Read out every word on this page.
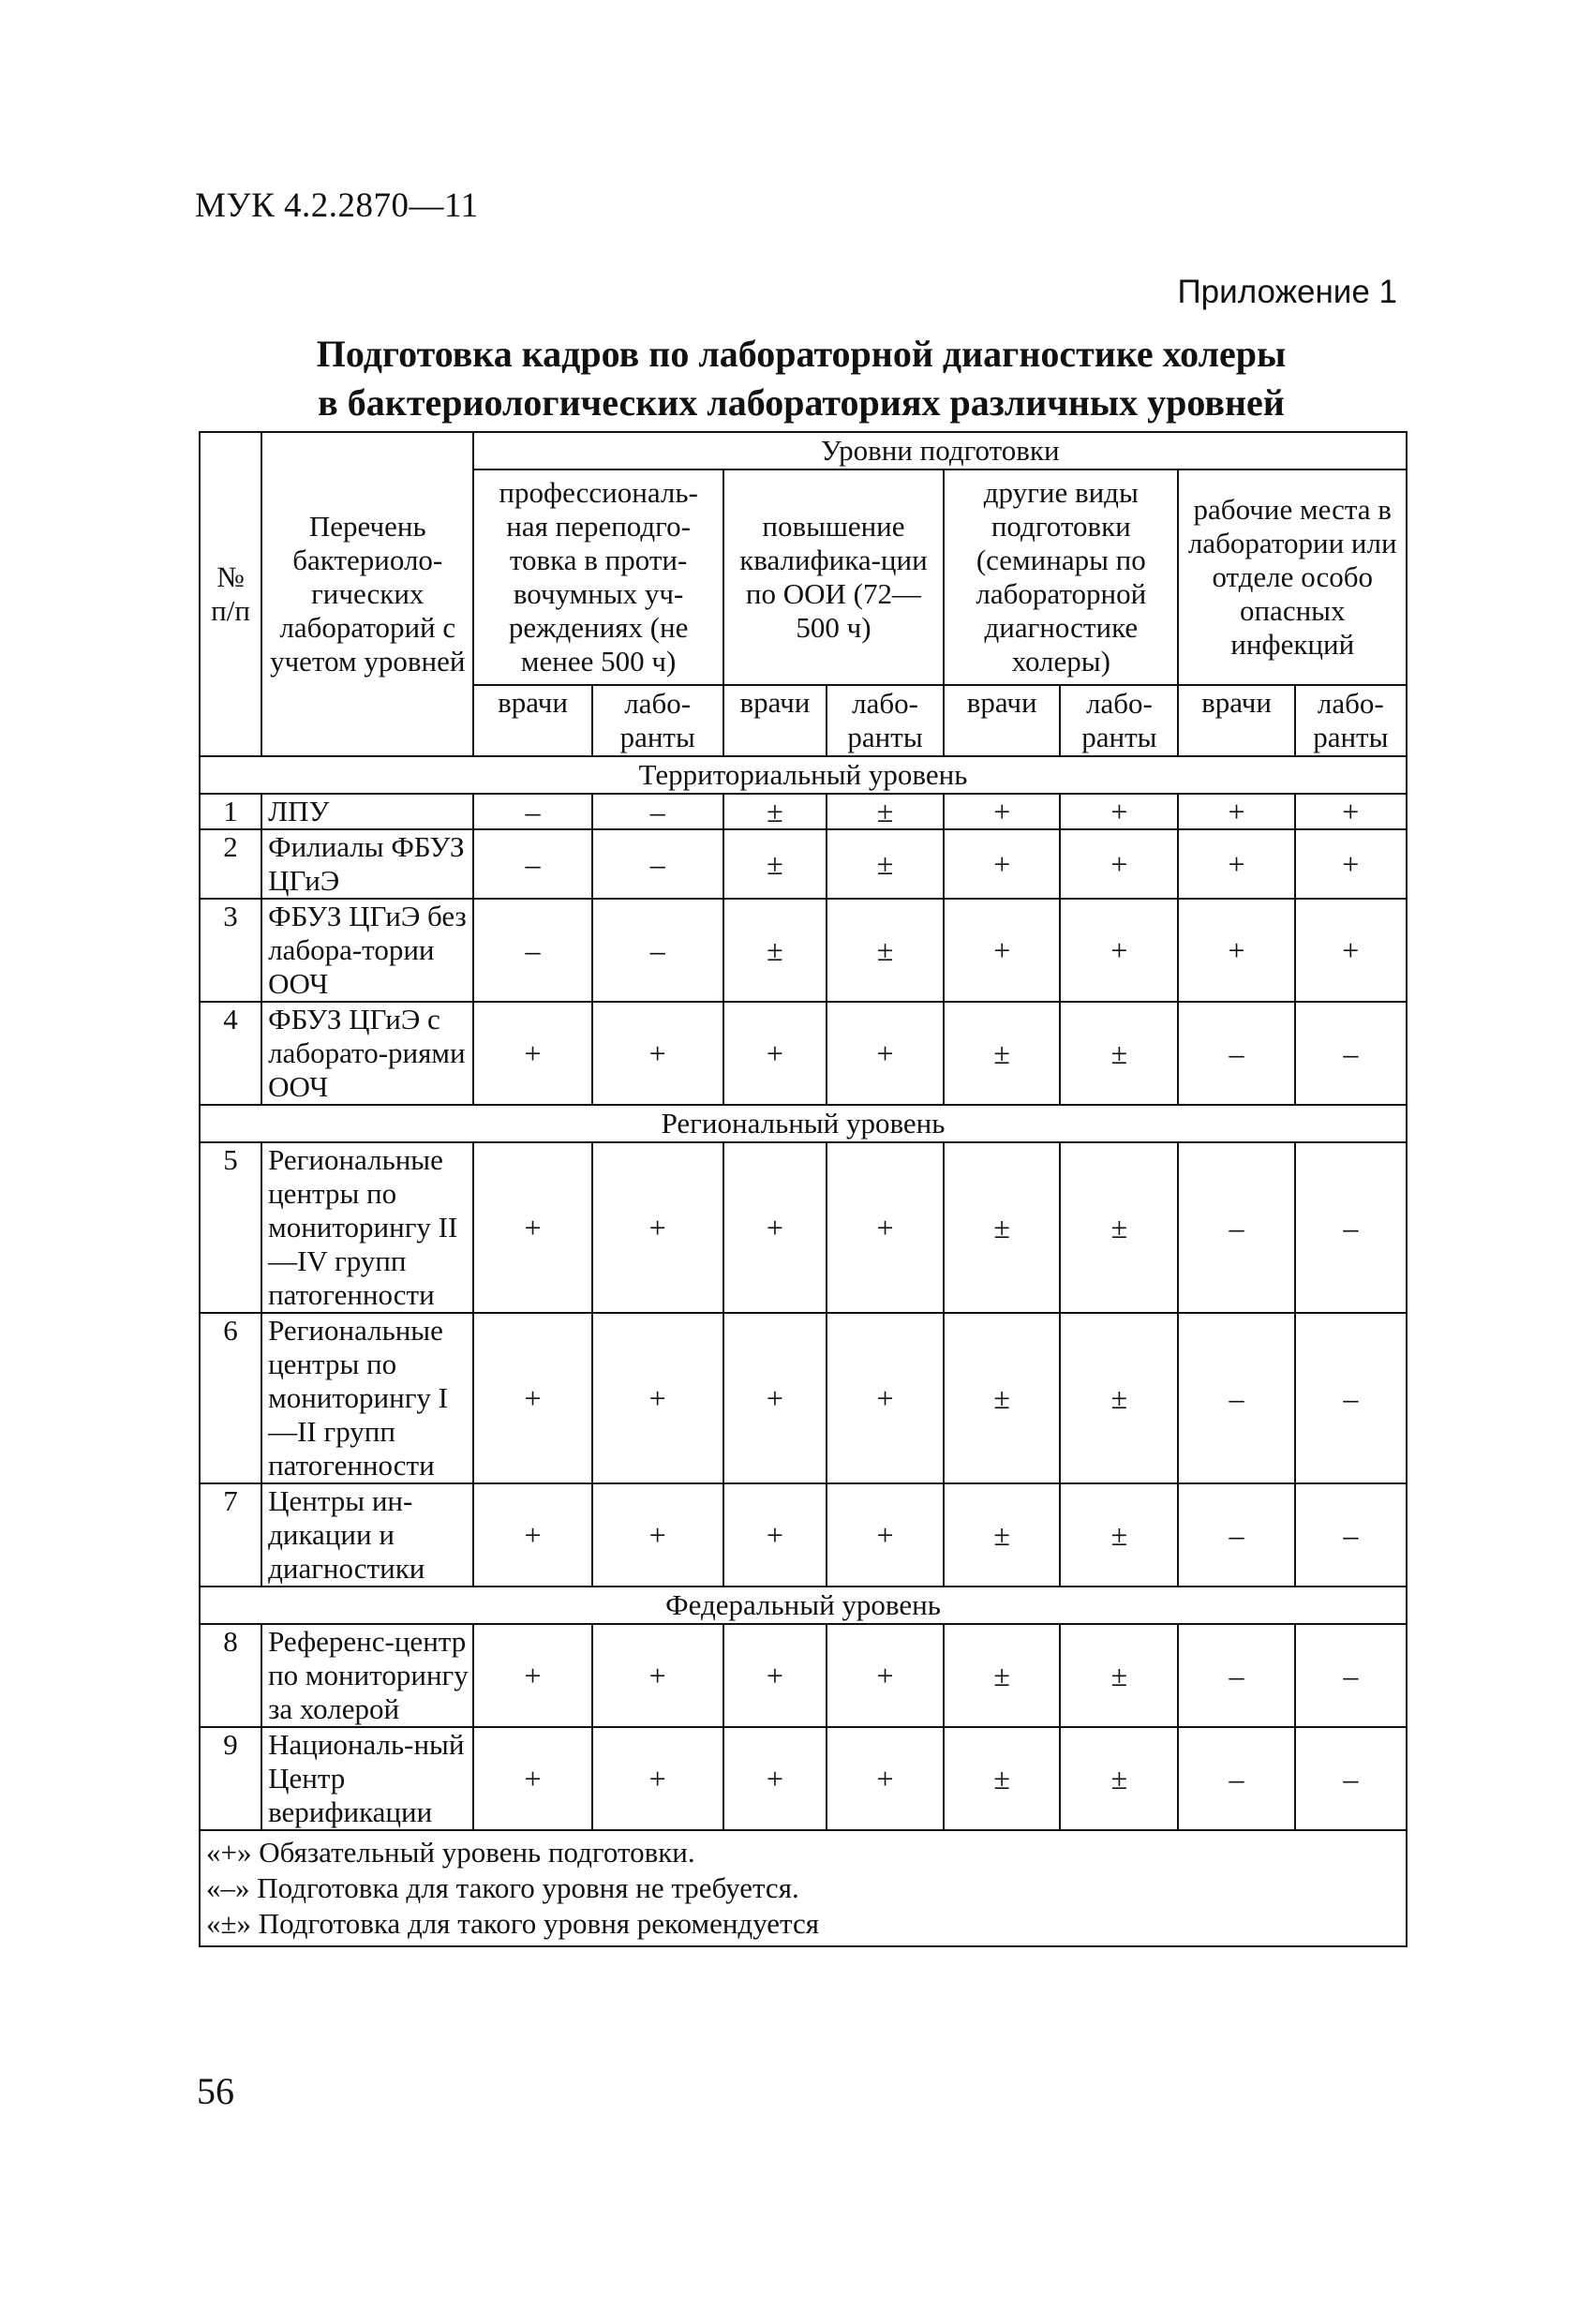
МУК 4.2.2870—11
Приложение 1
Подготовка кадров по лабораторной диагностике холеры
в бактериологических лабораториях различных уровней
№ п/п	Перечень бактериоло-гических лабораторий с учетом уровней	Уровни подготовки							
		профессиональ-ная переподго-товка в проти-вочумных уч-реждениях (не менее 500 ч)		повышение квалифика-ции по ООИ (72—500 ч)		другие виды подготовки (семинары по лабораторной диагностике холеры)		рабочие места в лаборатории или отделе особо опасных инфекций	
		врачи	лабо-ранты	врачи	лабо-ранты	врачи	лабо-ранты	врачи	лабо-ранты
Территориальный уровень									
1	ЛПУ	–	–	±	±	+	+	+	+
2	Филиалы ФБУЗ ЦГиЭ	–	–	±	±	+	+	+	+
3	ФБУЗ ЦГиЭ без лабора-тории ООЧ	–	–	±	±	+	+	+	+
4	ФБУЗ ЦГиЭ с лаборато-риями ООЧ	+	+	+	+	±	±	–	–
Региональный уровень									
5	Региональные центры по мониторингу II—IV групп патогенности	+	+	+	+	±	±	–	–
6	Региональные центры по мониторингу I—II групп патогенности	+	+	+	+	±	±	–	–
7	Центры ин-дикации и диагностики	+	+	+	+	±	±	–	–
Федеральный уровень									
8	Референс-центр по мониторингу за холерой	+	+	+	+	±	±	–	–
9	Националь-ный Центр верификации	+	+	+	+	±	±	–	–

«+» Обязательный уровень подготовки.
«–» Подготовка для такого уровня не требуется.
«±» Подготовка для такого уровня рекомендуется									
56
